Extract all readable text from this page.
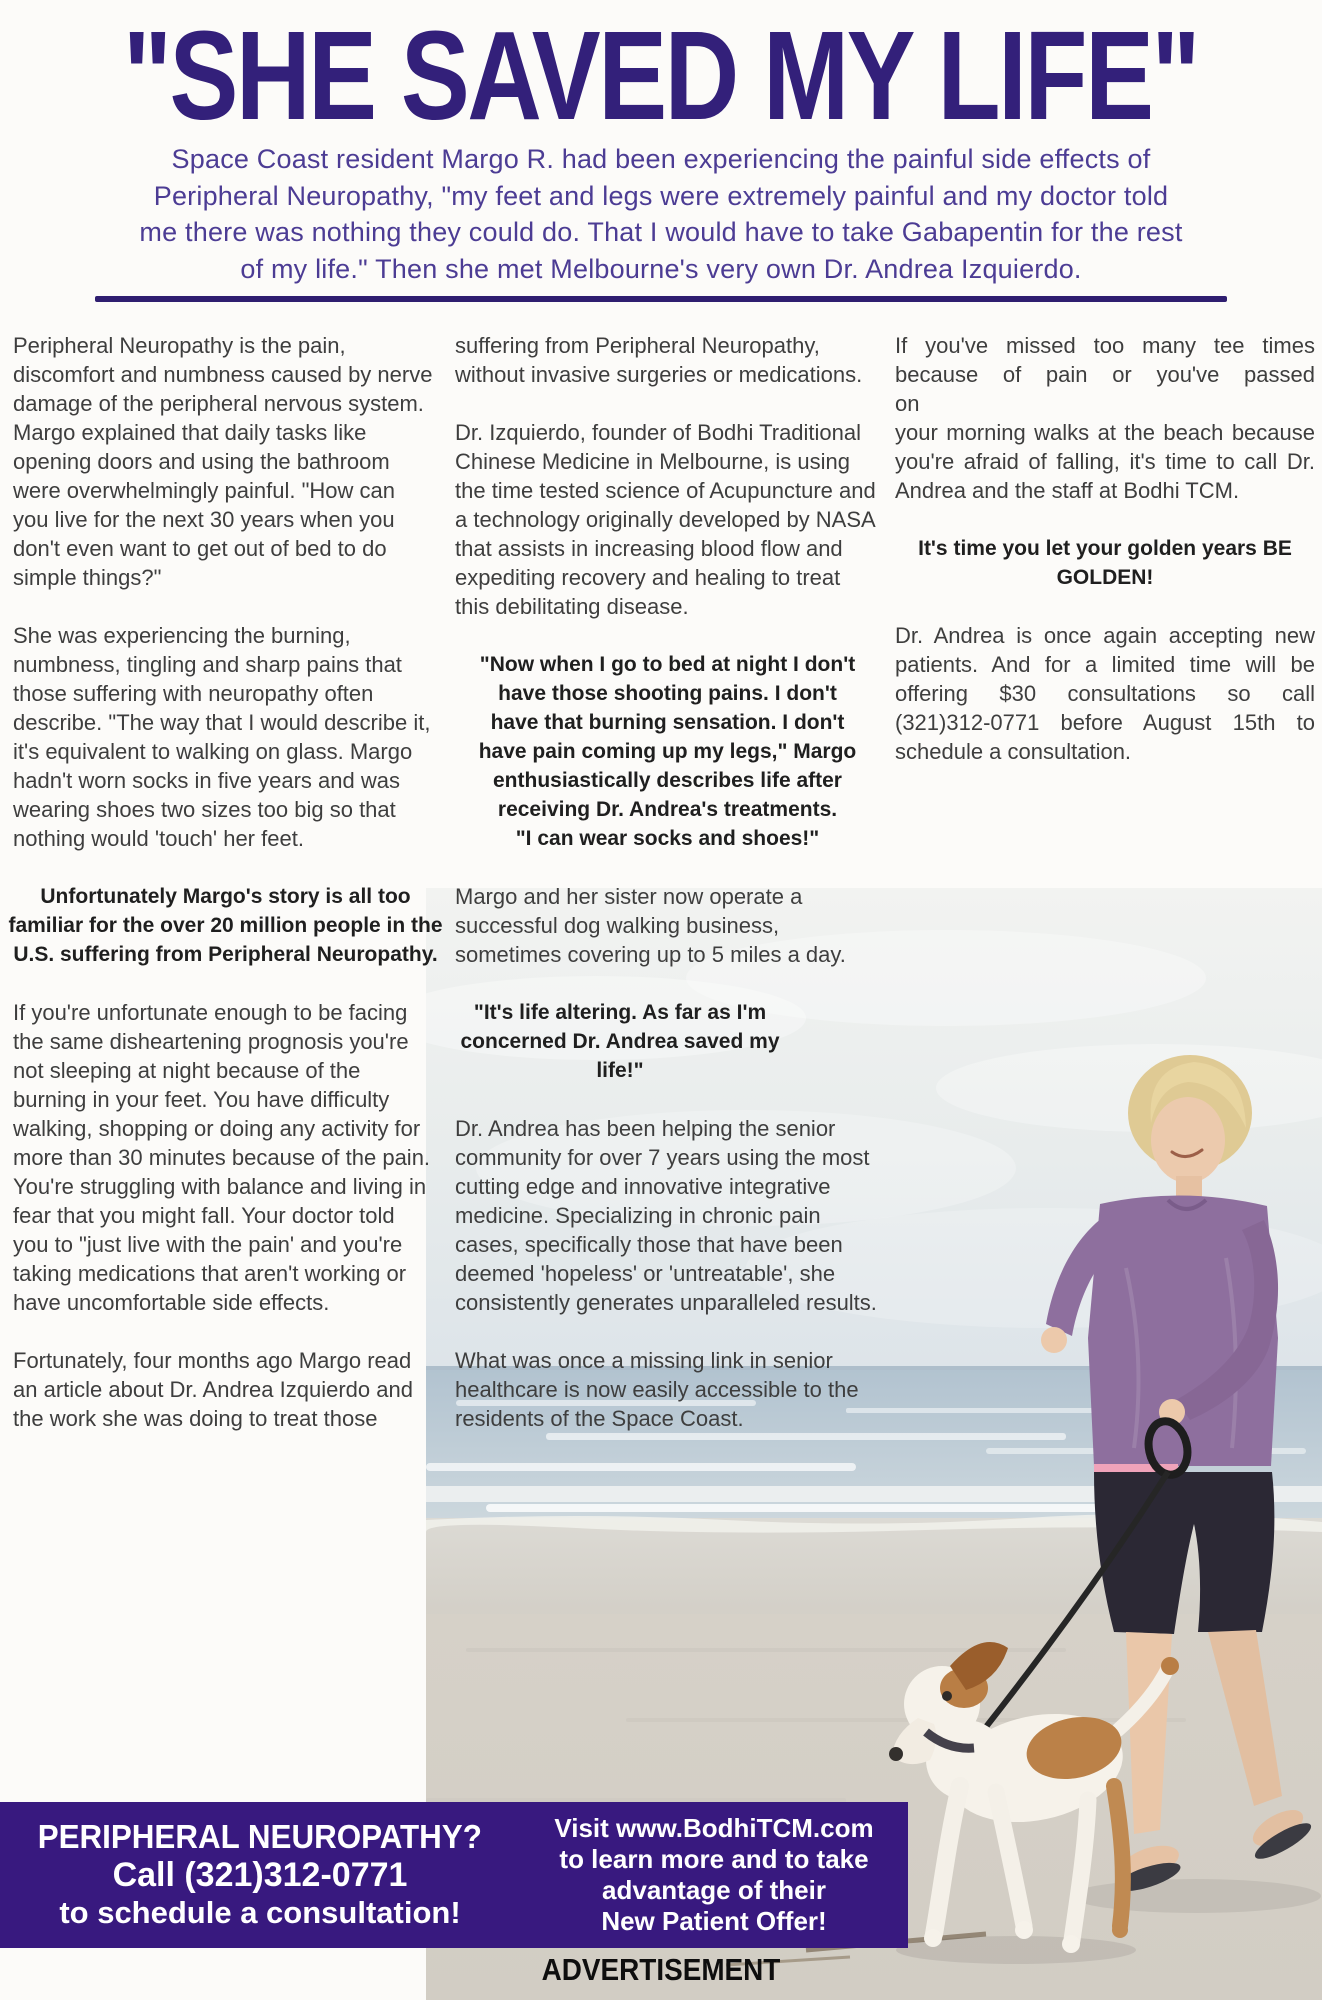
"SHE SAVED MY LIFE"
Space Coast resident Margo R. had been experiencing the painful side effects of
Peripheral Neuropathy, "my feet and legs were extremely painful and my doctor told
me there was nothing they could do. That I would have to take Gabapentin for the rest
of my life." Then she met Melbourne's very own Dr. Andrea Izquierdo.

Peripheral Neuropathy is the pain, discomfort and numbness caused by nerve damage of the peripheral nervous system. Margo explained that daily tasks like opening doors and using the bathroom were overwhelmingly painful. "How can you live for the next 30 years when you don't even want to get out of bed to do simple things?"

She was experiencing the burning, numbness, tingling and sharp pains that those suffering with neuropathy often describe. "The way that I would describe it, it's equivalent to walking on glass. Margo hadn't worn socks in five years and was wearing shoes two sizes too big so that nothing would 'touch' her feet.

Unfortunately Margo's story is all too familiar for the over 20 million people in the U.S. suffering from Peripheral Neuropathy.

If you're unfortunate enough to be facing the same disheartening prognosis you're not sleeping at night because of the burning in your feet. You have difficulty walking, shopping or doing any activity for more than 30 minutes because of the pain. You're struggling with balance and living in fear that you might fall. Your doctor told you to "just live with the pain' and you're taking medications that aren't working or have uncomfortable side effects.

Fortunately, four months ago Margo read an article about Dr. Andrea Izquierdo and the work she was doing to treat those

suffering from Peripheral Neuropathy, without invasive surgeries or medications.

Dr. Izquierdo, founder of Bodhi Traditional Chinese Medicine in Melbourne, is using the time tested science of Acupuncture and a technology originally developed by NASA that assists in increasing blood flow and expediting recovery and healing to treat this debilitating disease.

"Now when I go to bed at night I don't have those shooting pains. I don't have that burning sensation. I don't have pain coming up my legs," Margo enthusiastically describes life after receiving Dr. Andrea's treatments.
"I can wear socks and shoes!"

Margo and her sister now operate a successful dog walking business, sometimes covering up to 5 miles a day.

"It's life altering. As far as I'm concerned Dr. Andrea saved my life!"

Dr. Andrea has been helping the senior community for over 7 years using the most cutting edge and innovative integrative medicine. Specializing in chronic pain cases, specifically those that have been deemed 'hopeless' or 'untreatable', she consistently generates unparalleled results.

What was once a missing link in senior healthcare is now easily accessible to the residents of the Space Coast.

If you've missed too many tee times because of pain or you've passed

on

your morning walks at the beach because you're afraid of falling, it's time to call Dr. Andrea and the staff at Bodhi TCM.

It's time you let your golden years BE GOLDEN!

Dr. Andrea is once again accepting new patients. And for a limited time will be offering $30 consultations so call (321)312-0771 before August 15th to schedule a consultation.

PERIPHERAL NEUROPATHY?
Call (321)312-0771
to schedule a consultation!
Visit www.BodhiTCM.com
to learn more and to take
advantage of their
New Patient Offer!
ADVERTISEMENT
